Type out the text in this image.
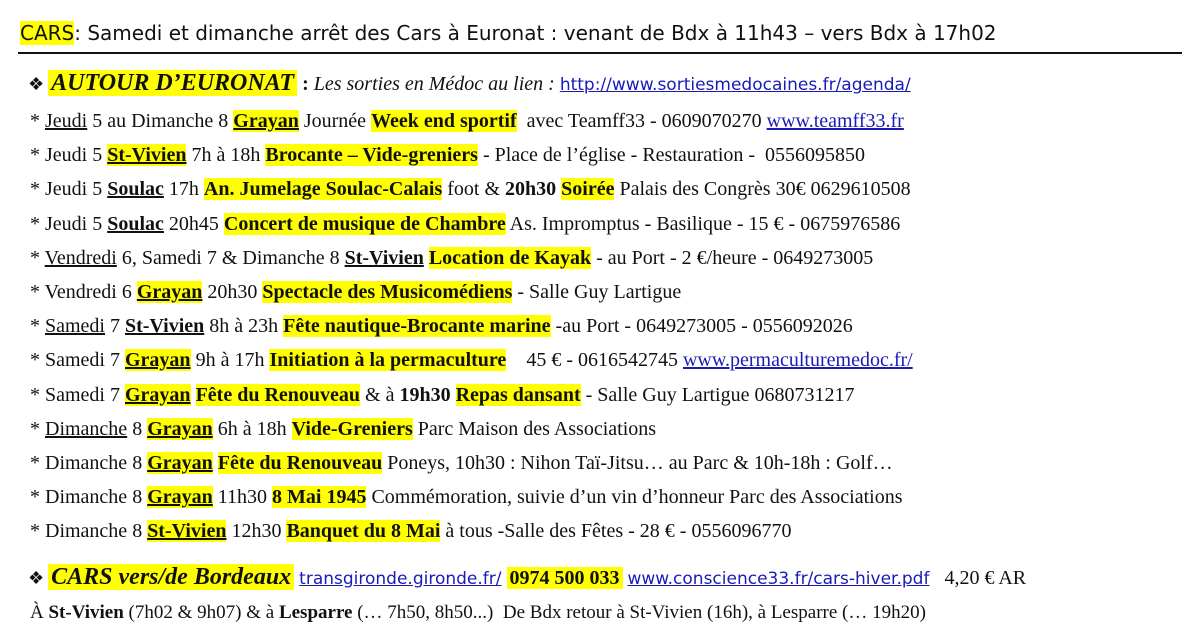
CARS: Samedi et dimanche arrêt des Cars à Euronat : venant de Bdx à 11h43 – vers Bdx à 17h02
❖ AUTOUR D’EURONAT : Les sorties en Médoc au lien : http://www.sortiesmedocaines.fr/agenda/
* Jeudi 5 au Dimanche 8 Grayan Journée Week end sportif  avec Teamff33 - 0609070270 www.teamff33.fr
* Jeudi 5 St-Vivien 7h à 18h Brocante – Vide-greniers - Place de l’église - Restauration -  0556095850
* Jeudi 5 Soulac 17h An. Jumelage Soulac-Calais foot & 20h30 Soirée Palais des Congrès 30€ 0629610508
* Jeudi 5 Soulac 20h45 Concert de musique de Chambre As. Impromptus - Basilique - 15 € - 0675976586
* Vendredi 6, Samedi 7 & Dimanche 8 St-Vivien Location de Kayak - au Port - 2 €/heure - 0649273005
* Vendredi 6 Grayan 20h30 Spectacle des Musicomédiens - Salle Guy Lartigue
* Samedi 7 St-Vivien 8h à 23h Fête nautique-Brocante marine -au Port - 0649273005 - 0556092026
* Samedi 7 Grayan 9h à 17h Initiation à la permaculture    45 € - 0616542745 www.permaculturemedoc.fr/
* Samedi 7 Grayan Fête du Renouveau & à 19h30 Repas dansant - Salle Guy Lartigue 0680731217
* Dimanche 8 Grayan 6h à 18h Vide-Greniers Parc Maison des Associations
* Dimanche 8 Grayan Fête du Renouveau Poneys, 10h30 : Nihon Taï-Jitsu… au Parc & 10h-18h : Golf…
* Dimanche 8 Grayan 11h30 8 Mai 1945 Commémoration, suivie d’un vin d’honneur Parc des Associations
* Dimanche 8 St-Vivien 12h30 Banquet du 8 Mai à tous -Salle des Fêtes - 28 € - 0556096770
❖ CARS vers/de Bordeaux transgironde.gironde.fr/ 0974 500 033 www.conscience33.fr/cars-hiver.pdf   4,20 € AR
À St-Vivien (7h02 & 9h07) & à Lesparre (… 7h50, 8h50...)  De Bdx retour à St-Vivien (16h), à Lesparre (… 19h20)
